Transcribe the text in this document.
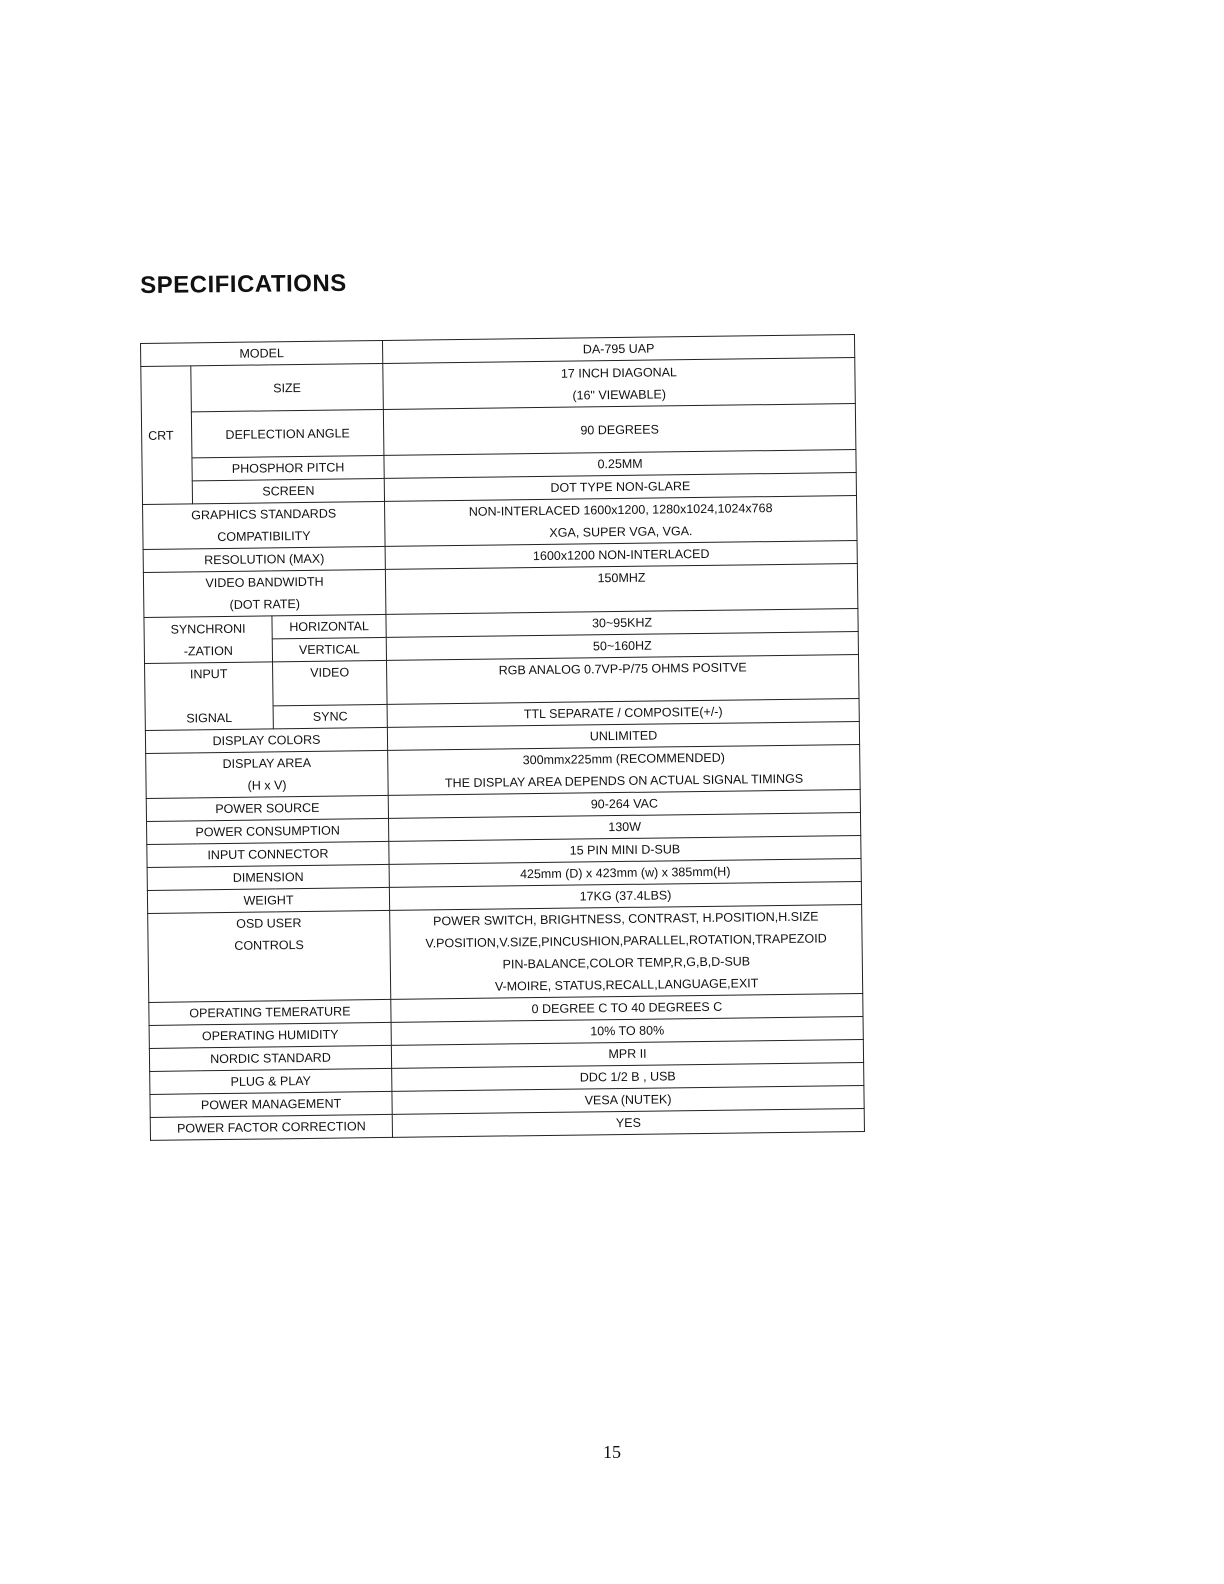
SPECIFICATIONS
MODEL			DA-795 UAP
CRT	SIZE		17 INCH DIAGONAL
(16" VIEWABLE)

	DEFLECTION ANGLE		90 DEGREES
	PHOSPHOR PITCH		0.25MM
	SCREEN		DOT TYPE NON-GLARE

GRAPHICS STANDARDS
COMPATIBILITY			NON-INTERLACED 1600x1200, 1280x1024,1024x768
XGA, SUPER VGA, VGA.

RESOLUTION (MAX)			1600x1200 NON-INTERLACED

VIDEO BANDWIDTH
(DOT RATE)			150MHZ

SYNCHRONI
-ZATION		HORIZONTAL	30~95KHZ
		VERTICAL	50~160HZ

INPUT
SIGNAL		VIDEO	RGB ANALOG 0.7VP-P/75 OHMS POSITVE
		SYNC	TTL SEPARATE / COMPOSITE(+/-)
DISPLAY COLORS			UNLIMITED

DISPLAY AREA
(H x V)			300mmx225mm (RECOMMENDED)
THE DISPLAY AREA DEPENDS ON ACTUAL SIGNAL TIMINGS

POWER SOURCE			90-264 VAC
POWER CONSUMPTION			130W
INPUT CONNECTOR			15 PIN MINI D-SUB
DIMENSION			425mm (D) x 423mm (w) x 385mm(H)
WEIGHT			17KG (37.4LBS)

OSD USER
CONTROLS			POWER SWITCH, BRIGHTNESS, CONTRAST, H.POSITION,H.SIZE
V.POSITION,V.SIZE,PINCUSHION,PARALLEL,ROTATION,TRAPEZOID
PIN-BALANCE,COLOR TEMP,R,G,B,D-SUB
V-MOIRE, STATUS,RECALL,LANGUAGE,EXIT

OPERATING TEMERATURE			0 DEGREE C TO 40 DEGREES C
OPERATING HUMIDITY			10% TO 80%
NORDIC STANDARD			MPR II
PLUG & PLAY			DDC 1/2 B , USB
POWER MANAGEMENT			VESA (NUTEK)
POWER FACTOR CORRECTION			YES
15
